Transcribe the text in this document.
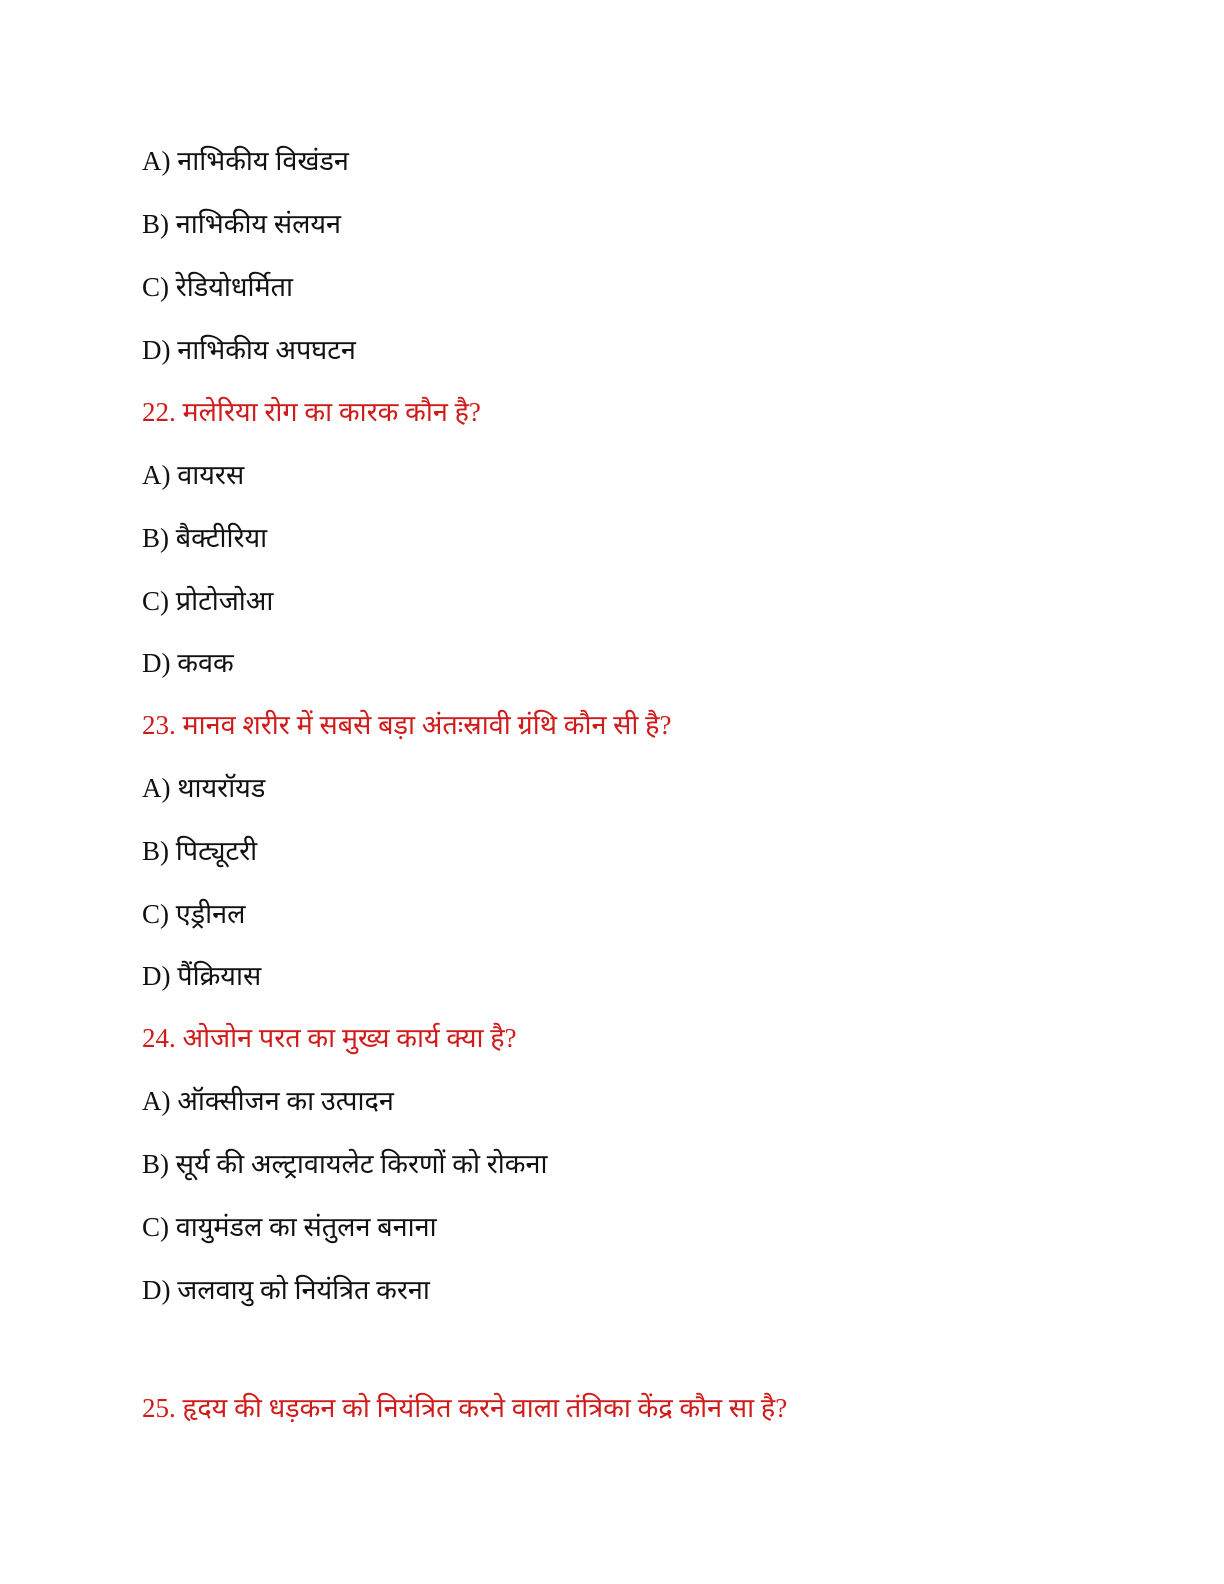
A) नाभिकीय विखंडन
B) नाभिकीय संलयन
C) रेडियोधर्मिता
D) नाभिकीय अपघटन
22. मलेरिया रोग का कारक कौन है?
A) वायरस
B) बैक्टीरिया
C) प्रोटोजोआ
D) कवक
23. मानव शरीर में सबसे बड़ा अंतःस्रावी ग्रंथि कौन सी है?
A) थायरॉयड
B) पिट्यूटरी
C) एड्रीनल
D) पैंक्रियास
24. ओजोन परत का मुख्य कार्य क्या है?
A) ऑक्सीजन का उत्पादन
B) सूर्य की अल्ट्रावायलेट किरणों को रोकना
C) वायुमंडल का संतुलन बनाना
D) जलवायु को नियंत्रित करना
25. हृदय की धड़कन को नियंत्रित करने वाला तंत्रिका केंद्र कौन सा है?
